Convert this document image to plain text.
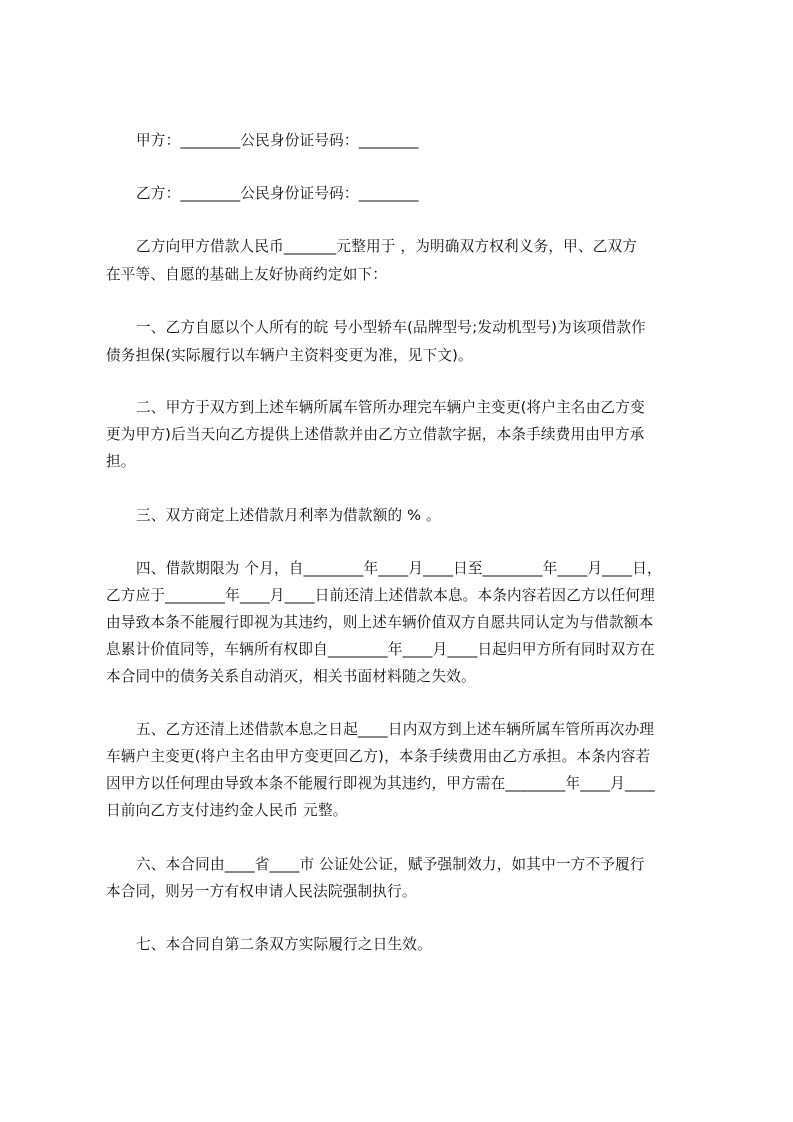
甲方：________公民身份证号码：________
乙方：________公民身份证号码：________
乙方向甲方借款人民币_______元整用于 ，为明确双方权利义务，甲、乙双方
在平等、自愿的基础上友好协商约定如下：
一、乙方自愿以个人所有的皖 号小型轿车(品牌型号;发动机型号)为该项借款作
债务担保(实际履行以车辆户主资料变更为准，见下文)。
二、甲方于双方到上述车辆所属车管所办理完车辆户主变更(将户主名由乙方变
更为甲方)后当天向乙方提供上述借款并由乙方立借款字据，本条手续费用由甲方承
担。
三、双方商定上述借款月利率为借款额的 % 。
四、借款期限为 个月，自________年____月____日至________年____月____日，
乙方应于________年____月____日前还清上述借款本息。本条内容若因乙方以任何理
由导致本条不能履行即视为其违约，则上述车辆价值双方自愿共同认定为与借款额本
息累计价值同等，车辆所有权即自________年____月____日起归甲方所有同时双方在
本合同中的债务关系自动消灭，相关书面材料随之失效。
五、乙方还清上述借款本息之日起____日内双方到上述车辆所属车管所再次办理
车辆户主变更(将户主名由甲方变更回乙方)，本条手续费用由乙方承担。本条内容若
因甲方以任何理由导致本条不能履行即视为其违约，甲方需在________年____月____
日前向乙方支付违约金人民币 元整。
六、本合同由____省____市 公证处公证，赋予强制效力，如其中一方不予履行
本合同，则另一方有权申请人民法院强制执行。
七、本合同自第二条双方实际履行之日生效。
